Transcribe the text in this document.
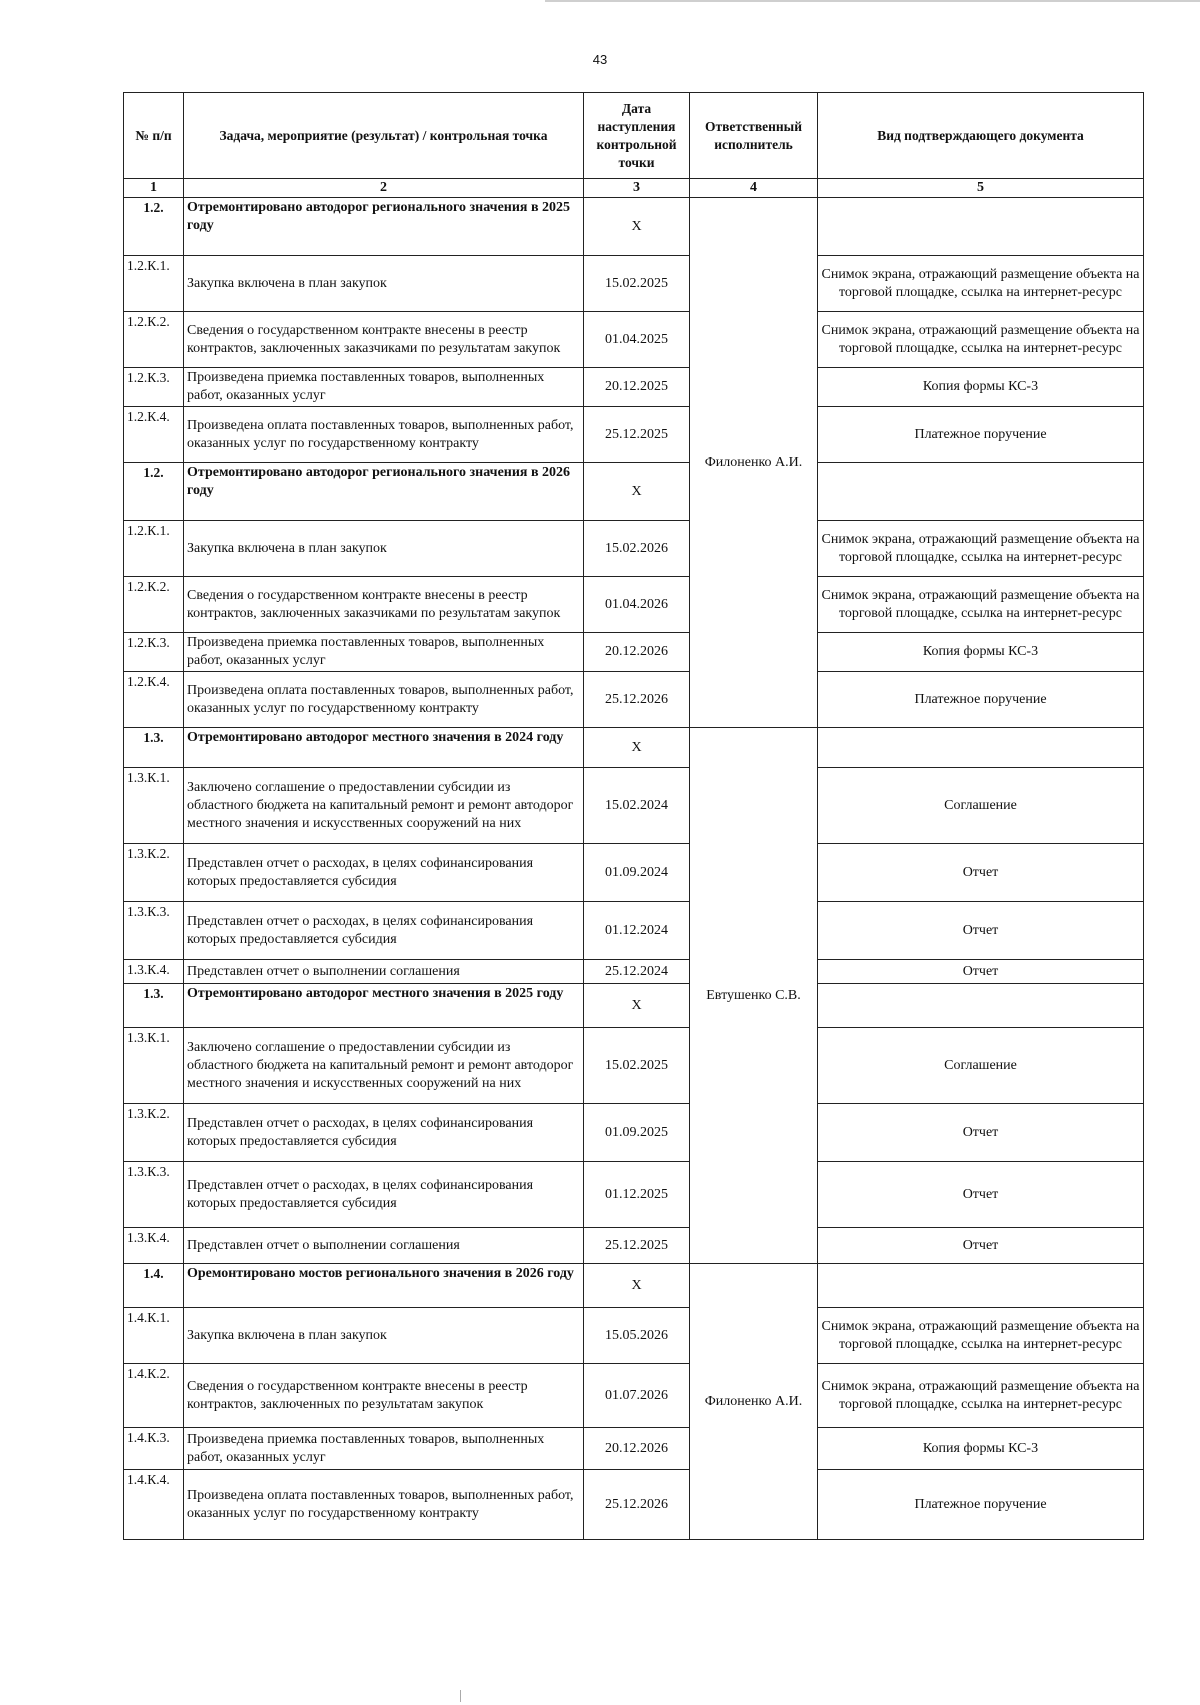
43
№ п/п	Задача, мероприятие (результат) / контрольная точка	Дата наступления контрольной точки	Ответственный исполнитель	Вид подтверждающего документа
1	2	3	4	5
1.2.	Отремонтировано автодорог регионального значения в 2025 году	Х	Филоненко А.И.	
1.2.К.1.	Закупка включена в план закупок	15.02.2025		Снимок экрана, отражающий размещение объекта на торговой площадке, ссылка на интернет-ресурс
1.2.К.2.	Сведения о государственном контракте внесены в реестр контрактов, заключенных заказчиками по результатам закупок	01.04.2025		Снимок экрана, отражающий размещение объекта на торговой площадке, ссылка на интернет-ресурс
1.2.К.3.	Произведена приемка поставленных товаров, выполненных работ, оказанных услуг	20.12.2025		Копия формы КС-3
1.2.К.4.	Произведена оплата поставленных товаров, выполненных работ, оказанных услуг по государственному контракту	25.12.2025		Платежное поручение
1.2.	Отремонтировано автодорог регионального значения в 2026 году	Х		
1.2.К.1.	Закупка включена в план закупок	15.02.2026		Снимок экрана, отражающий размещение объекта на торговой площадке, ссылка на интернет-ресурс
1.2.К.2.	Сведения о государственном контракте внесены в реестр контрактов, заключенных заказчиками по результатам закупок	01.04.2026		Снимок экрана, отражающий размещение объекта на торговой площадке, ссылка на интернет-ресурс
1.2.К.3.	Произведена приемка поставленных товаров, выполненных работ, оказанных услуг	20.12.2026		Копия формы КС-3
1.2.К.4.	Произведена оплата поставленных товаров, выполненных работ, оказанных услуг по государственному контракту	25.12.2026		Платежное поручение
1.3.	Отремонтировано автодорог местного значения в 2024 году	Х	Евтушенко С.В.	
1.3.К.1.	Заключено соглашение о предоставлении субсидии из областного бюджета на капитальный ремонт и ремонт автодорог местного значения и искусственных сооружений на них	15.02.2024		Соглашение
1.3.К.2.	Представлен отчет о расходах, в целях софинансирования которых предоставляется субсидия	01.09.2024		Отчет
1.3.К.3.	Представлен отчет о расходах, в целях софинансирования которых предоставляется субсидия	01.12.2024		Отчет
1.3.К.4.	Представлен отчет о выполнении соглашения	25.12.2024		Отчет
1.3.	Отремонтировано автодорог местного значения в 2025 году	Х		
1.3.К.1.	Заключено соглашение о предоставлении субсидии из областного бюджета на капитальный ремонт и ремонт автодорог местного значения и искусственных сооружений на них	15.02.2025		Соглашение
1.3.К.2.	Представлен отчет о расходах, в целях софинансирования которых предоставляется субсидия	01.09.2025		Отчет
1.3.К.3.	Представлен отчет о расходах, в целях софинансирования которых предоставляется субсидия	01.12.2025		Отчет
1.3.К.4.	Представлен отчет о выполнении соглашения	25.12.2025		Отчет
1.4.	Оремонтировано мостов регионального значения в 2026 году	Х	Филоненко А.И.	
1.4.К.1.	Закупка включена в план закупок	15.05.2026		Снимок экрана, отражающий размещение объекта на торговой площадке, ссылка на интернет-ресурс
1.4.К.2.	Сведения о государственном контракте внесены в реестр контрактов, заключенных по результатам закупок	01.07.2026		Снимок экрана, отражающий размещение объекта на торговой площадке, ссылка на интернет-ресурс
1.4.К.3.	Произведена приемка поставленных товаров, выполненных работ, оказанных услуг	20.12.2026		Копия формы КС-3
1.4.К.4.	Произведена оплата поставленных товаров, выполненных работ, оказанных услуг по государственному контракту	25.12.2026		Платежное поручение
